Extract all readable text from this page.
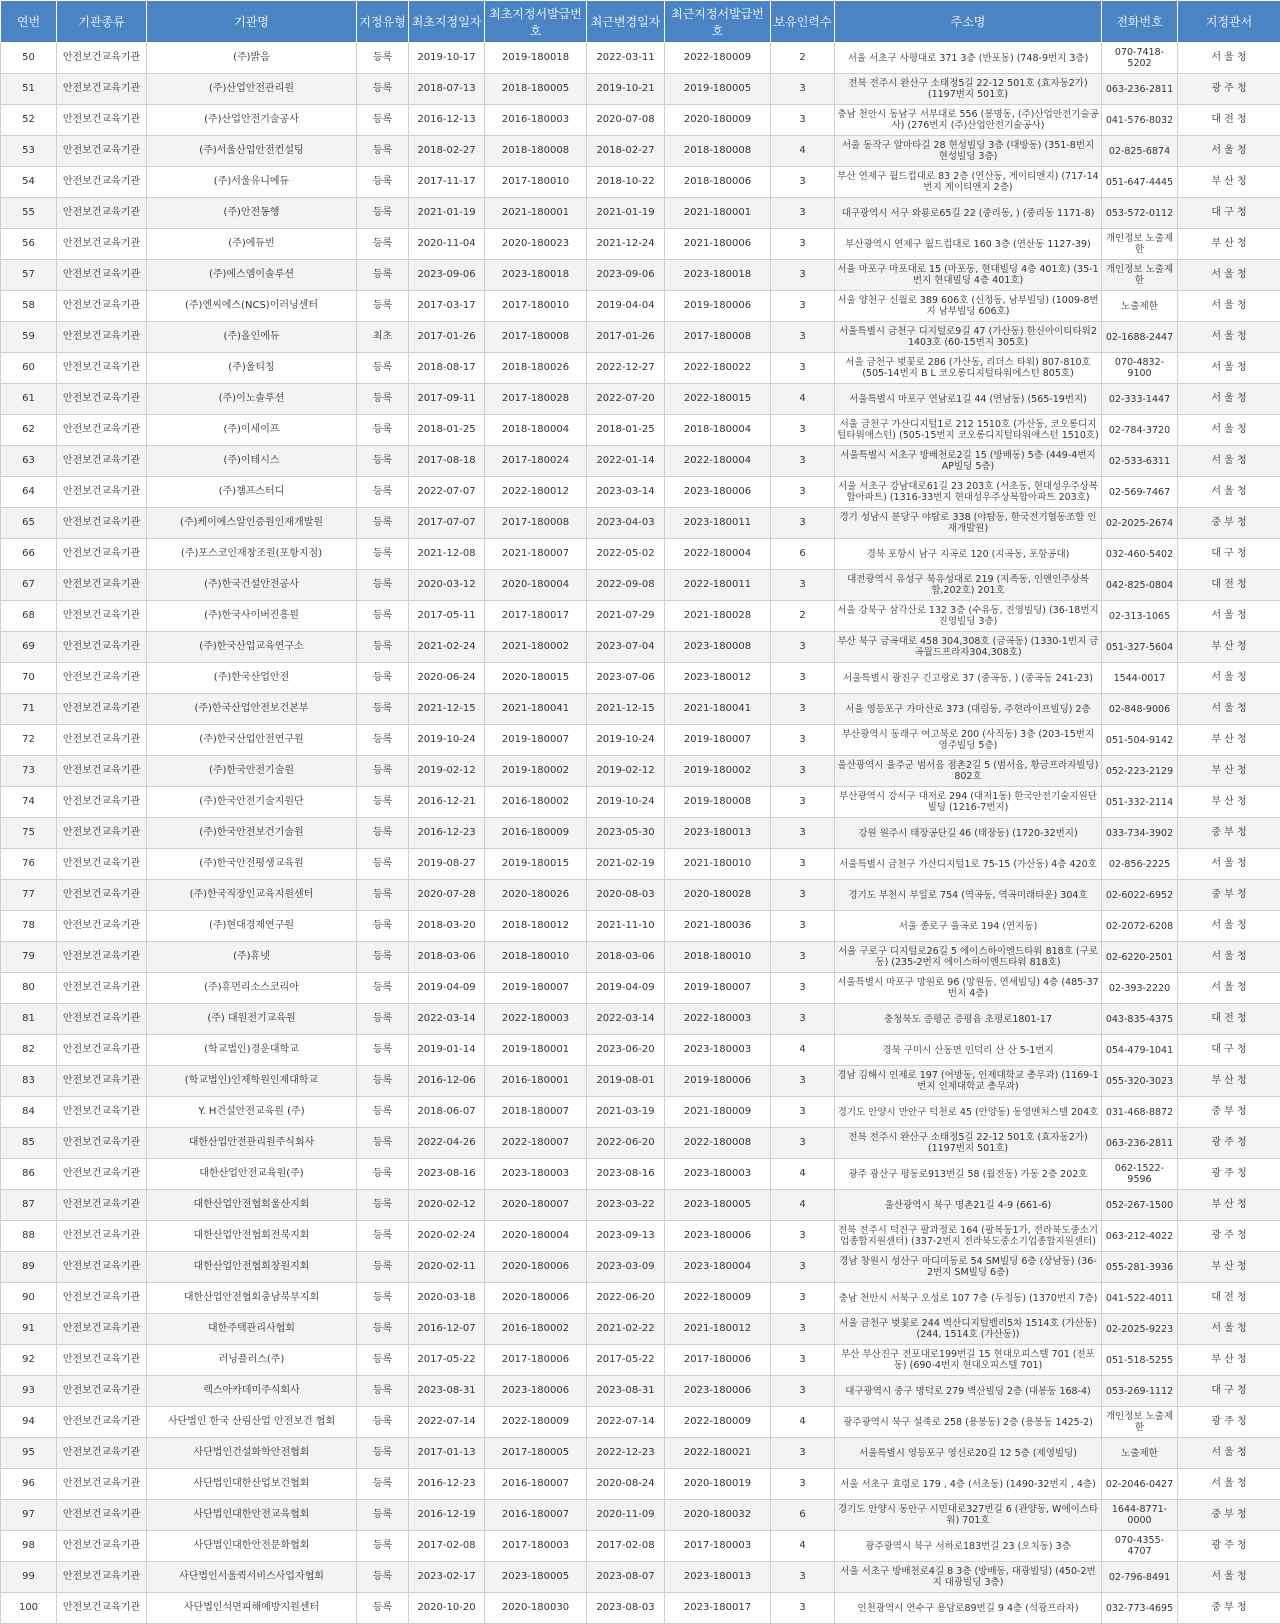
연번	기관종류	기관명	지정유형	최초지정일자	최초지정서발급번호	최근변경일자	최근지정서발급번호	보유인력수	주소명	전화번호	지정관서
50	안전보건교육기관	(주)밝음	등록	2019-10-17	2019-180018	2022-03-11	2022-180009	2	서울 서초구 사평대로 371 3층 (반포동) (748-9번지 3층)	070-7418-5202	서 울 청
51	안전보건교육기관	(주)산업안전관리원	등록	2018-07-13	2018-180005	2019-10-21	2019-180005	3	전북 전주시 완산구 소태정5길 22-12 501호 (효자동2가) (1197번지 501호)	063-236-2811	광 주 청
52	안전보건교육기관	(주)산업안전기술공사	등록	2016-12-13	2016-180003	2020-07-08	2020-180009	3	충남 천안시 동남구 서부대로 556 (봉명동, (주)산업안전기술공사) (276번지 (주)산업안전기술공사)	041-576-8032	대 전 청
53	안전보건교육기관	(주)서울산업안전컨설팅	등록	2018-02-27	2018-180008	2018-02-27	2018-180008	4	서울 동작구 알마타길 28 현성빌딩 3층 (대방동) (351-8번지 현성빌딩 3층)	02-825-6874	서 울 청
54	안전보건교육기관	(주)서울유니에듀	등록	2017-11-17	2017-180010	2018-10-22	2018-180006	3	부산 연제구 월드컵대로 83 2층 (연산동, 게이티앤지) (717-14번지 게이티앤지 2층)	051-647-4445	부 산 청
55	안전보건교육기관	(주)안전동행	등록	2021-01-19	2021-180001	2021-01-19	2021-180001	3	대구광역시 서구 와룡로65길 22 (중리동, ) (중리동 1171-8)	053-572-0112	대 구 청
56	안전보건교육기관	(주)에듀빈	등록	2020-11-04	2020-180023	2021-12-24	2021-180006	3	부산광역시 연제구 월드컵대로 160 3층 (연산동 1127-39)	개인정보 노출제한	부 산 청
57	안전보건교육기관	(주)에스엠이솔루션	등록	2023-09-06	2023-180018	2023-09-06	2023-180018	3	서울 마포구 마포대로 15 (마포동, 현대빌딩 4층 401호) (35-1번지 현대빌딩 4층 401호)	개인정보 노출제한	서 울 청
58	안전보건교육기관	(주)엔씨에스(NCS)이러닝센터	등록	2017-03-17	2017-180010	2019-04-04	2019-180006	3	서울 양천구 신월로 389 606호 (신정동, 남부빌딩) (1009-8번지 남부빌딩 606호)	노출제한	서 울 청
59	안전보건교육기관	(주)올인에듀	최초	2017-01-26	2017-180008	2017-01-26	2017-180008	3	서울특별시 금천구 디지털로9길 47 (가산동) 한신아이티타워2 1403호 (60-15번지 305호)	02-1688-2447	서 울 청
60	안전보건교육기관	(주)울티칭	등록	2018-08-17	2018-180026	2022-12-27	2022-180022	3	서울 금천구 벚꽃로 286 (가산동, 리더스 타워) 807-810호 (505-14번지 B L 코오롱디지털타워에스턴 805호)	070-4832-9100	서 울 청
61	안전보건교육기관	(주)이노솔루션	등록	2017-09-11	2017-180028	2022-07-20	2022-180015	4	서울특별시 마포구 연남로1길 44 (연남동) (565-19번지)	02-333-1447	서 울 청
62	안전보건교육기관	(주)이세이프	등록	2018-01-25	2018-180004	2018-01-25	2018-180004	3	서울 금천구 가산디지털1로 212 1510호 (가산동, 코오롱디지털타워애스턴) (505-15번지 코오롱디지털타워애스턴 1510호)	02-784-3720	서 울 청
63	안전보건교육기관	(주)이테시스	등록	2017-08-18	2017-180024	2022-01-14	2022-180004	3	서울특별시 서초구 방배천로2길 15 (방배동) 5층 (449-4번지 AP빌딩 5층)	02-533-6311	서 울 청
64	안전보건교육기관	(주)챔프스터디	등록	2022-07-07	2022-180012	2023-03-14	2023-180006	3	서울 서초구 강남대로61길 23 203호 (서초동, 현대성우주상복합아파트) (1316-33번지 현대성우주상복합아파트 203호)	02-569-7467	서 울 청
65	안전보건교육기관	(주)케이에스알인증원인재개발원	등록	2017-07-07	2017-180008	2023-04-03	2023-180011	3	경기 성남시 분당구 야탑로 338 (야탑동, 한국전기협동조합 인재개발원)	02-2025-2674	중 부 청
66	안전보건교육기관	(주)포스코인재창조원(포항지점)	등록	2021-12-08	2021-180007	2022-05-02	2022-180004	6	경북 포항시 남구 지곡로 120 (지곡동, 포항공대)	032-460-5402	대 구 청
67	안전보건교육기관	(주)한국건설안전공사	등록	2020-03-12	2020-180004	2022-09-08	2022-180011	3	대전광역시 유성구 북유성대로 219 (지족동, 인앤인주상복합,202호) 201호	042-825-0804	대 전 청
68	안전보건교육기관	(주)한국사이버진흥원	등록	2017-05-11	2017-180017	2021-07-29	2021-180028	2	서울 강북구 삼각산로 132 3층 (수유동, 진영빌딩) (36-18번지 진영빌딩 3층)	02-313-1065	서 울 청
69	안전보건교육기관	(주)한국산업교육연구소	등록	2021-02-24	2021-180002	2023-07-04	2023-180008	3	부산 북구 금곡대로 458 304,308호 (금곡동) (1330-1번지 금곡월드프라자304,308호)	051-327-5604	부 산 청
70	안전보건교육기관	(주)한국산업안전	등록	2020-06-24	2020-180015	2023-07-06	2023-180012	3	서울특별시 광진구 긴고랑로 37 (중곡동, ) (중곡동 241-23)	1544-0017	서 울 청
71	안전보건교육기관	(주)한국산업안전보건본부	등록	2021-12-15	2021-180041	2021-12-15	2021-180041	3	서울 영등포구 가마산로 373 (대림동, 주현라이프빌딩) 2층	02-848-9006	서 울 청
72	안전보건교육기관	(주)한국산업안전연구원	등록	2019-10-24	2019-180007	2019-10-24	2019-180007	3	부산광역시 동래구 여고북로 200 (사직동) 3층 (203-15번지 영주빌딩 5층)	051-504-9142	부 산 청
73	안전보건교육기관	(주)한국안전기술원	등록	2019-02-12	2019-180002	2019-02-12	2019-180002	3	울산광역시 울주군 범서읍 점촌2길 5 (범서읍, 황금프라자빌딩) 802호	052-223-2129	부 산 청
74	안전보건교육기관	(주)한국안전기술지원단	등록	2016-12-21	2016-180002	2019-10-24	2019-180008	3	부산광역시 강서구 대저로 294 (대저1동) 한국안전기술지원단빌딩 (1216-7번지)	051-332-2114	부 산 청
75	안전보건교육기관	(주)한국안전보건기술원	등록	2016-12-23	2016-180009	2023-05-30	2023-180013	3	강원 원주시 태장공단길 46 (태장동) (1720-32번지)	033-734-3902	중 부 청
76	안전보건교육기관	(주)한국안전평생교육원	등록	2019-08-27	2019-180015	2021-02-19	2021-180010	3	서울특별시 금천구 가산디지털1로 75-15 (가산동) 4층 420호	02-856-2225	서 울 청
77	안전보건교육기관	(주)한국직장인교육지원센터	등록	2020-07-28	2020-180026	2020-08-03	2020-180028	3	경기도 부천시 부일로 754 (역곡동, 역곡미래타운) 304호	02-6022-6952	중 부 청
78	안전보건교육기관	(주)현대경제연구원	등록	2018-03-20	2018-180012	2021-11-10	2021-180036	3	서울 종로구 율곡로 194 (연지동)	02-2072-6208	서 울 청
79	안전보건교육기관	(주)휴넷	등록	2018-03-06	2018-180010	2018-03-06	2018-180010	3	서울 구로구 디지털로26길 5 에이스하이엔드타워 818호 (구로동) (235-2번지 에이스하이엔드타워 818호)	02-6220-2501	서 울 청
80	안전보건교육기관	(주)휴먼리소스코리아	등록	2019-04-09	2019-180007	2019-04-09	2019-180007	3	서울특별시 마포구 망원로 96 (망원동, 연세빌딩) 4층 (485-37번지 4층)	02-393-2220	서 울 청
81	안전보건교육기관	(주) 대원전기교육원	등록	2022-03-14	2022-180003	2022-03-14	2022-180003	3	충청북도 증평군 증평읍 초평로1801-17	043-835-4375	대 전 청
82	안전보건교육기관	(학교법인)경운대학교	등록	2019-01-14	2019-180001	2023-06-20	2023-180003	4	경북 구미시 산동면 인덕리 산 산 5-1번지	054-479-1041	대 구 청
83	안전보건교육기관	(학교법인)인제학원인제대학교	등록	2016-12-06	2016-180001	2019-08-01	2019-180006	3	경남 김해시 인제로 197 (어방동, 인제대학교 총무과) (1169-1번지 인제대학교 총무과)	055-320-3023	부 산 청
84	안전보건교육기관	Y. H건설안전교육원 (주)	등록	2018-06-07	2018-180007	2021-03-19	2021-180009	3	경기도 안양시 만안구 덕천로 45 (안양동) 동영벤처스텔 204호	031-468-8872	중 부 청
85	안전보건교육기관	대한산업안전관리원주식회사	등록	2022-04-26	2022-180007	2022-06-20	2022-180008	3	전북 전주시 완산구 소태정5길 22-12 501호 (효자동2가) (1197번지 501호)	063-236-2811	광 주 청
86	안전보건교육기관	대한산업안전교육원(주)	등록	2023-08-16	2023-180003	2023-08-16	2023-180003	4	광주 광산구 평동로913번길 58 (월전동) 가동 2층 202호	062-1522-9596	광 주 청
87	안전보건교육기관	대한산업안전협회울산지회	등록	2020-02-12	2020-180007	2023-03-22	2023-180005	4	울산광역시 북구 명촌21길 4-9 (661-6)	052-267-1500	부 산 청
88	안전보건교육기관	대한산업안전협회전북지회	등록	2020-02-24	2020-180004	2023-09-13	2023-180006	3	전북 전주시 덕진구 팔과정로 164 (팔복동1가, 전라북도중소기업종합지원센터) (337-2번지 전라북도중소기업종합지원센터)	063-212-4022	광 주 청
89	안전보건교육기관	대한산업안전협회창원지회	등록	2020-02-11	2020-180006	2023-03-09	2023-180004	3	경남 창원시 성산구 마디미동로 54 SM빌딩 6층 (상남동) (36-2번지 SM빌딩 6층)	055-281-3936	부 산 청
90	안전보건교육기관	대한산업안전협회충남북부지회	등록	2020-03-18	2020-180006	2022-06-20	2022-180009	3	충남 천안시 서북구 오성로 107 7층 (두정동) (1370번지 7층)	041-522-4011	대 전 청
91	안전보건교육기관	대한주택관리사협회	등록	2016-12-07	2016-180002	2021-02-22	2021-180012	3	서울 금천구 벚꽃로 244 벽산디지털밸리5차 1514호 (가산동) (244, 1514호 (가산동))	02-2025-9223	서 울 청
92	안전보건교육기관	러닝플러스(주)	등록	2017-05-22	2017-180006	2017-05-22	2017-180006	3	부산 부산진구 전포대로199번길 15 현대오피스텔 701 (전포동) (690-4번지 현대오피스텔 701)	051-518-5255	부 산 청
93	안전보건교육기관	렉스아카데미주식회사	등록	2023-08-31	2023-180006	2023-08-31	2023-180006	3	대구광역시 중구 명덕로 279 벽산빌딩 2층 (대봉동 168-4)	053-269-1112	대 구 청
94	안전보건교육기관	사단법인 한국 산림산업 안전보건 협회	등록	2022-07-14	2022-180009	2022-07-14	2022-180009	4	광주광역시 북구 설죽로 258 (용봉동) 2층 (용봉동 1425-2)	개인정보 노출제한	광 주 청
95	안전보건교육기관	사단법인건설화학안전협회	등록	2017-01-13	2017-180005	2022-12-23	2022-180021	3	서울특별시 영등포구 영신로20길 12 5층 (제영빌딩)	노출제한	서 울 청
96	안전보건교육기관	사단법인대한산업보건협회	등록	2016-12-23	2016-180007	2020-08-24	2020-180019	3	서울 서초구 효령로 179 , 4층 (서초동) (1490-32번지 , 4층)	02-2046-0427	서 울 청
97	안전보건교육기관	사단법인대한안전교육협회	등록	2016-12-19	2016-180007	2020-11-09	2020-180032	6	경기도 안양시 동안구 시민대로327번길 6 (관양동, W에이스타워) 701호	1644-8771-0000	중 부 청
98	안전보건교육기관	사단법인대한안전문화협회	등록	2017-02-08	2017-180003	2017-02-08	2017-180003	4	광주광역시 북구 서하로183번길 23 (오치동) 3층	070-4355-4707	광 주 청
99	안전보건교육기관	사단법인서울퀵서비스사업자협회	등록	2023-02-17	2023-180005	2023-08-07	2023-180013	3	서울 서초구 방배천로4길 8 3층 (방배동, 대광빌딩) (450-2번지 대광빌딩 3층)	02-796-8491	서 울 청
100	안전보건교육기관	사단법인석면피해예방지원센터	등록	2020-10-20	2020-180030	2023-08-03	2023-180017	3	인천광역시 연수구 용담로89번길 9 4층 (석광프라자)	032-773-4695	중 부 청
